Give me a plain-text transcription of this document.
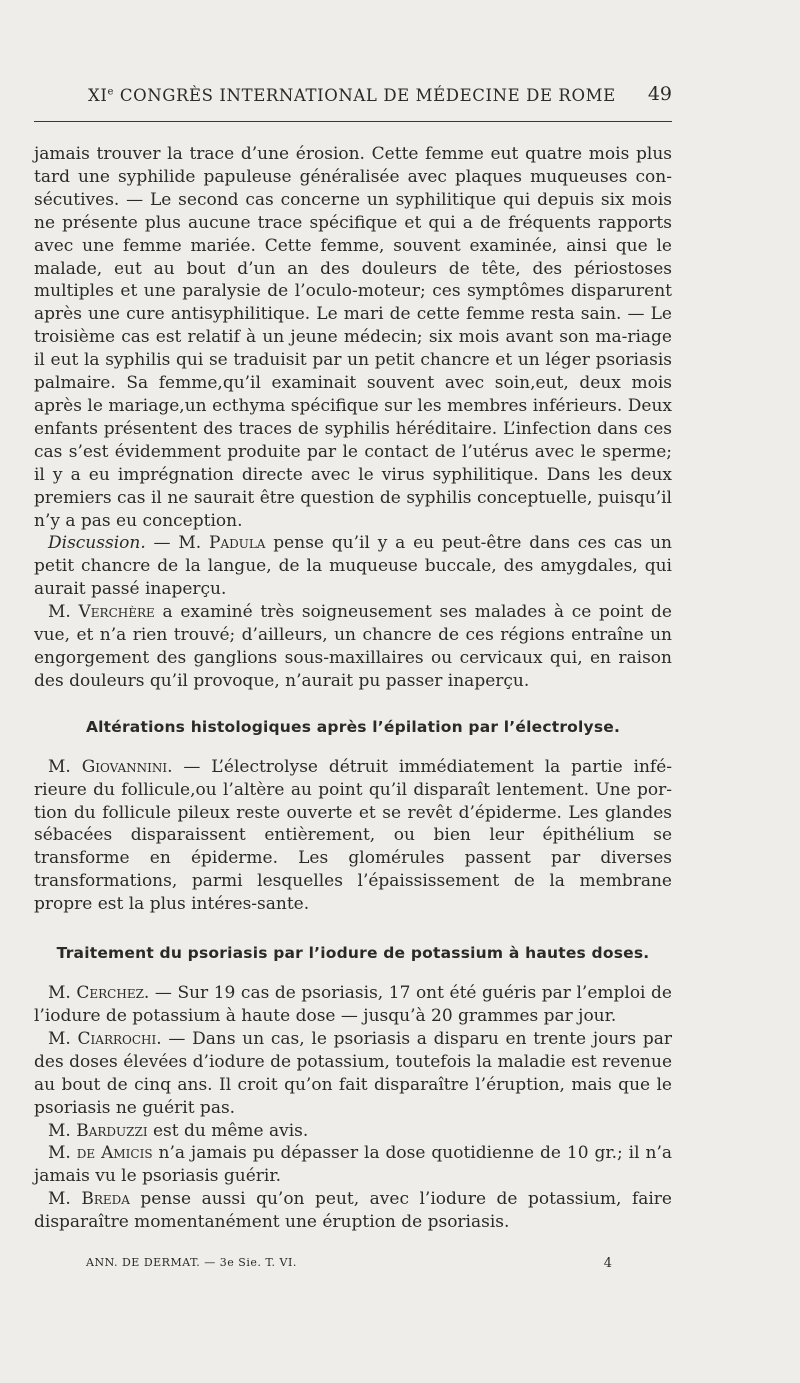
XIe CONGRÈS INTERNATIONAL DE MÉDECINE DE ROME 49

jamais trouver la trace d’une érosion. Cette femme eut quatre mois plus tard une syphilide papuleuse généralisée avec plaques muqueuses con-sécutives. — Le second cas concerne un syphilitique qui depuis six mois ne présente plus aucune trace spécifique et qui a de fréquents rapports avec une femme mariée. Cette femme, souvent examinée, ainsi que le malade, eut au bout d’un an des douleurs de tête, des périostoses multiples et une paralysie de l’oculo-moteur; ces symptômes disparurent après une cure antisyphilitique. Le mari de cette femme resta sain. — Le troisième cas est relatif à un jeune médecin; six mois avant son ma-riage il eut la syphilis qui se traduisit par un petit chancre et un léger psoriasis palmaire. Sa femme,qu’il examinait souvent avec soin,eut, deux mois après le mariage,un ecthyma spécifique sur les membres inférieurs. Deux enfants présentent des traces de syphilis héréditaire. L’infection dans ces cas s’est évidemment produite par le contact de l’utérus avec le sperme; il y a eu imprégnation directe avec le virus syphilitique. Dans les deux premiers cas il ne saurait être question de syphilis conceptuelle, puisqu’il n’y a pas eu conception.

Discussion. — M. Padula pense qu’il y a eu peut-être dans ces cas un petit chancre de la langue, de la muqueuse buccale, des amygdales, qui aurait passé inaperçu.

M. Verchère a examiné très soigneusement ses malades à ce point de vue, et n’a rien trouvé; d’ailleurs, un chancre de ces régions entraîne un engorgement des ganglions sous-maxillaires ou cervicaux qui, en raison des douleurs qu’il provoque, n’aurait pu passer inaperçu.

Altérations histologiques après l’épilation par l’électrolyse.

M. Giovannini. — L’électrolyse détruit immédiatement la partie infé-rieure du follicule,ou l’altère au point qu’il disparaît lentement. Une por-tion du follicule pileux reste ouverte et se revêt d’épiderme. Les glandes sébacées disparaissent entièrement, ou bien leur épithélium se transforme en épiderme. Les glomérules passent par diverses transformations, parmi lesquelles l’épaississement de la membrane propre est la plus intéres-sante.

Traitement du psoriasis par l’iodure de potassium à hautes doses.

M. Cerchez. — Sur 19 cas de psoriasis, 17 ont été guéris par l’emploi de l’iodure de potassium à haute dose — jusqu’à 20 grammes par jour.

M. Ciarrochi. — Dans un cas, le psoriasis a disparu en trente jours par des doses élevées d’iodure de potassium, toutefois la maladie est revenue au bout de cinq ans. Il croit qu’on fait disparaître l’éruption, mais que le psoriasis ne guérit pas.

M. Barduzzi est du même avis.

M. de Amicis n’a jamais pu dépasser la dose quotidienne de 10 gr.; il n’a jamais vu le psoriasis guérir.

M. Breda pense aussi qu’on peut, avec l’iodure de potassium, faire disparaître momentanément une éruption de psoriasis.

ANN. DE DERMAT. — 3e Sie. T. VI.	4
